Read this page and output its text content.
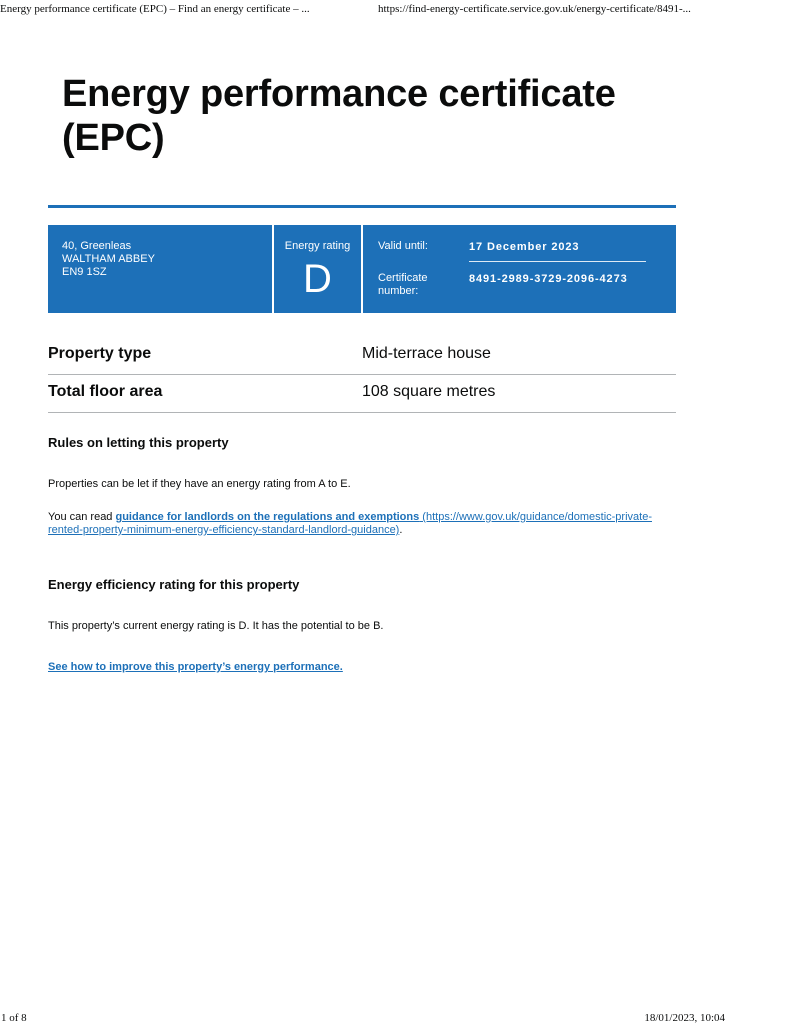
Energy performance certificate (EPC) – Find an energy certificate – ...	https://find-energy-certificate.service.gov.uk/energy-certificate/8491-...
Energy performance certificate (EPC)
40, Greenleas
WALTHAM ABBEY
EN9 1SZ
Energy rating
D
Valid until:	17 December 2023
Certificate number:
8491-2989-3729-2096-4273
Property type	Mid-terrace house
Total floor area	108 square metres
Rules on letting this property

Properties can be let if they have an energy rating from A to E.

You can read guidance for landlords on the regulations and exemptions (https://www.gov.uk/guidance/domestic-private-rented-property-minimum-energy-efficiency-standard-landlord-guidance).

Energy efficiency rating for this property

This property’s current energy rating is D. It has the potential to be B.

See how to improve this property’s energy performance.

1 of 8	18/01/2023, 10:04
